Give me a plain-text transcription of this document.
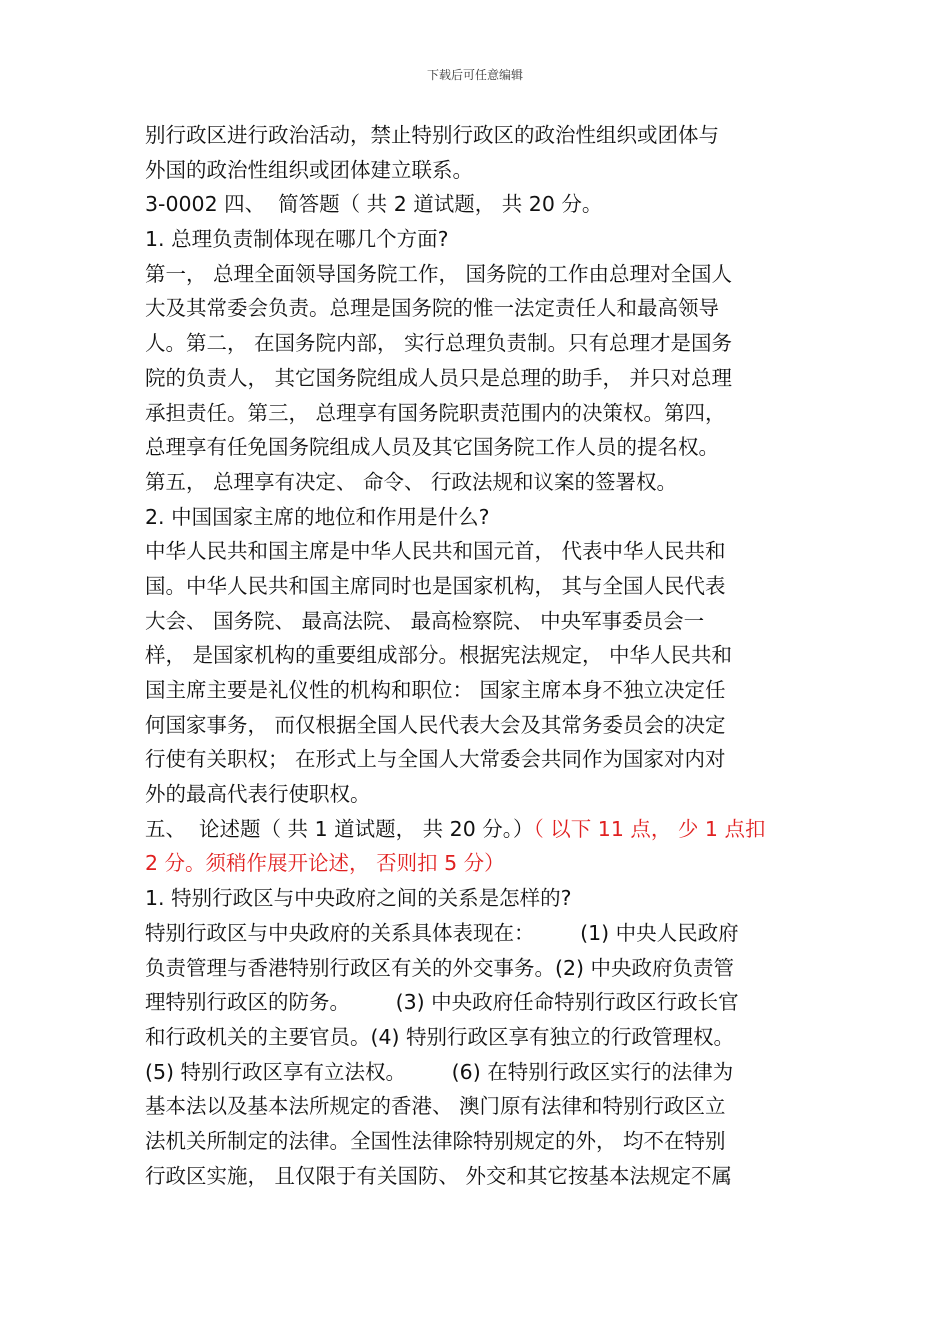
下载后可任意编辑
别行政区进行政治活动，禁止特别行政区的政治性组织或团体与
外国的政治性组织或团体建立联系。
3-0002 四、  简答题（ 共 2 道试题， 共 20 分。
1. 总理负责制体现在哪几个方面?
第一， 总理全面领导国务院工作， 国务院的工作由总理对全国人
大及其常委会负责。总理是国务院的惟一法定责任人和最高领导
人。第二， 在国务院内部， 实行总理负责制。只有总理才是国务
院的负责人， 其它国务院组成人员只是总理的助手， 并只对总理
承担责任。第三， 总理享有国务院职责范围内的决策权。第四，
总理享有任免国务院组成人员及其它国务院工作人员的提名权。
第五， 总理享有决定、 命令、 行政法规和议案的签署权。
2. 中国国家主席的地位和作用是什么?
中华人民共和国主席是中华人民共和国元首， 代表中华人民共和
国。中华人民共和国主席同时也是国家机构， 其与全国人民代表
大会、 国务院、 最高法院、 最高检察院、 中央军事委员会一
样， 是国家机构的重要组成部分。根据宪法规定， 中华人民共和
国主席主要是礼仪性的机构和职位： 国家主席本身不独立决定任
何国家事务， 而仅根据全国人民代表大会及其常务委员会的决定
行使有关职权； 在形式上与全国人大常委会共同作为国家对内对
外的最高代表行使职权。
五、  论述题（ 共 1 道试题， 共 20 分。）（ 以下 11 点， 少 1 点扣
2 分。须稍作展开论述， 否则扣 5 分）
1. 特别行政区与中央政府之间的关系是怎样的?
特别行政区与中央政府的关系具体表现在：       (1) 中央人民政府
负责管理与香港特别行政区有关的外交事务。(2) 中央政府负责管
理特别行政区的防务。       (3) 中央政府任命特别行政区行政长官
和行政机关的主要官员。(4) 特别行政区享有独立的行政管理权。
(5) 特别行政区享有立法权。       (6) 在特别行政区实行的法律为
基本法以及基本法所规定的香港、 澳门原有法律和特别行政区立
法机关所制定的法律。全国性法律除特别规定的外， 均不在特别
行政区实施， 且仅限于有关国防、 外交和其它按基本法规定不属
